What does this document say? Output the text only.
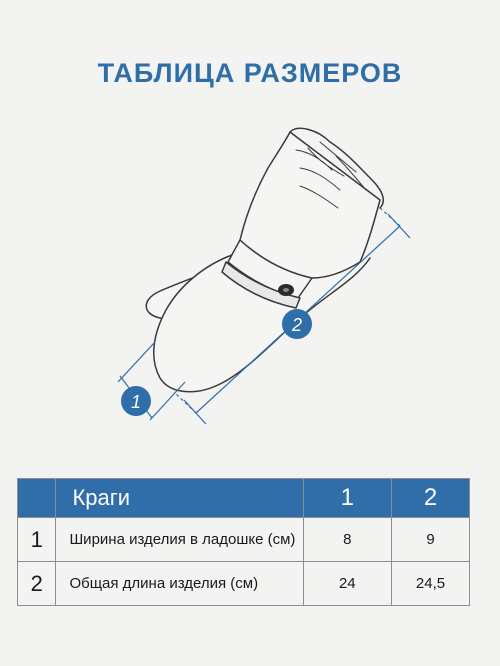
ТАБЛИЦА РАЗМЕРОВ
2
1
	Краги	1	2
1	Ширина изделия в ладошке (см)	8	9
2	Общая длина изделия (см)	24	24,5
